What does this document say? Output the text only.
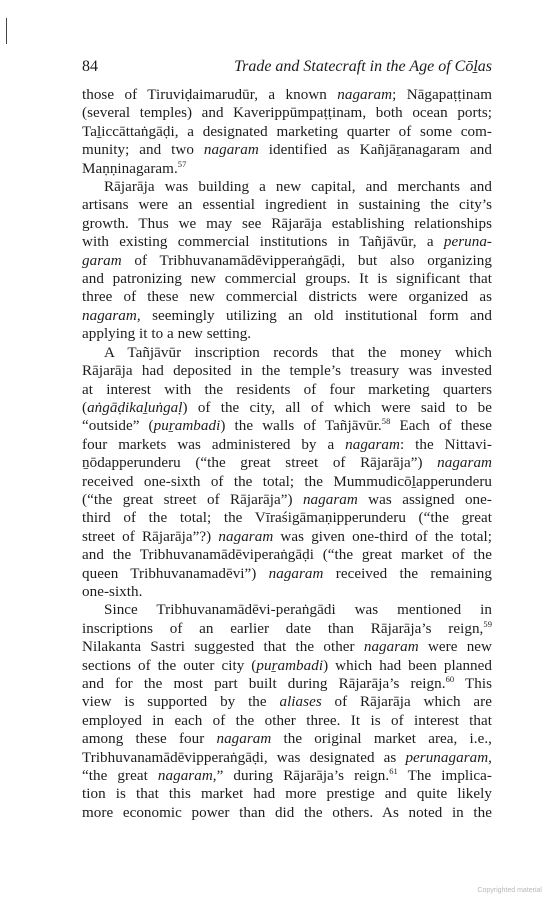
84	Trade and Statecraft in the Age of Cōḻas
those of Tiruviḍaimarudūr, a known nagaram; Nāgapaṭṭinam
(several temples) and Kaverippūmpaṭṭinam, both ocean ports;
Taḻiccāttaṅgāḍi, a designated marketing quarter of some com-
munity; and two nagaram identified as Kañjāṟanagaram and
Maṇṇinagaram.$^{57}$
Rājarāja was building a new capital, and merchants and
artisans were an essential ingredient in sustaining the city’s
growth. Thus we may see Rājarāja establishing relationships
with existing commercial institutions in Tañjāvūr, a peruna-
garam of Tribhuvanamādēvipperaṅgāḍi, but also organizing
and patronizing new commercial groups. It is significant that
three of these new commercial districts were organized as
nagaram, seemingly utilizing an old institutional form and
applying it to a new setting.
A Tañjāvūr inscription records that the money which
Rājarāja had deposited in the temple’s treasury was invested
at interest with the residents of four marketing quarters
(aṅgāḍikaḻuṅgaḷ) of the city, all of which were said to be
“outside” (puṟambadi) the walls of Tañjāvūr.$^{58}$ Each of these
four markets was administered by a nagaram: the Nittavi-
ṉōdapperunderu (“the great street of Rājarāja”) nagaram
received one-sixth of the total; the Mummudicōḻapperunderu
(“the great street of Rājarāja”) nagaram was assigned one-
third of the total; the Vīraśigāmaṇipperunderu (“the great
street of Rājarāja”?) nagaram was given one-third of the total;
and the Tribhuvanamādēviperaṅgāḍi (“the great market of the
queen Tribhuvanamadēvi”) nagaram received the remaining
one-sixth.
Since Tribhuvanamādēvi-peraṅgādi was mentioned in
inscriptions of an earlier date than Rājarāja’s reign,$^{59}$
Nilakanta Sastri suggested that the other nagaram were new
sections of the outer city (puṟambadi) which had been planned
and for the most part built during Rājarāja’s reign.$^{60}$ This
view is supported by the aliases of Rājarāja which are
employed in each of the other three. It is of interest that
among these four nagaram the original market area, i.e.,
Tribhuvanamādēvipperaṅgāḍi, was designated as perunagaram,
“the great nagaram,” during Rājarāja’s reign.$^{61}$ The implica-
tion is that this market had more prestige and quite likely
more economic power than did the others. As noted in the
Copyrighted material
